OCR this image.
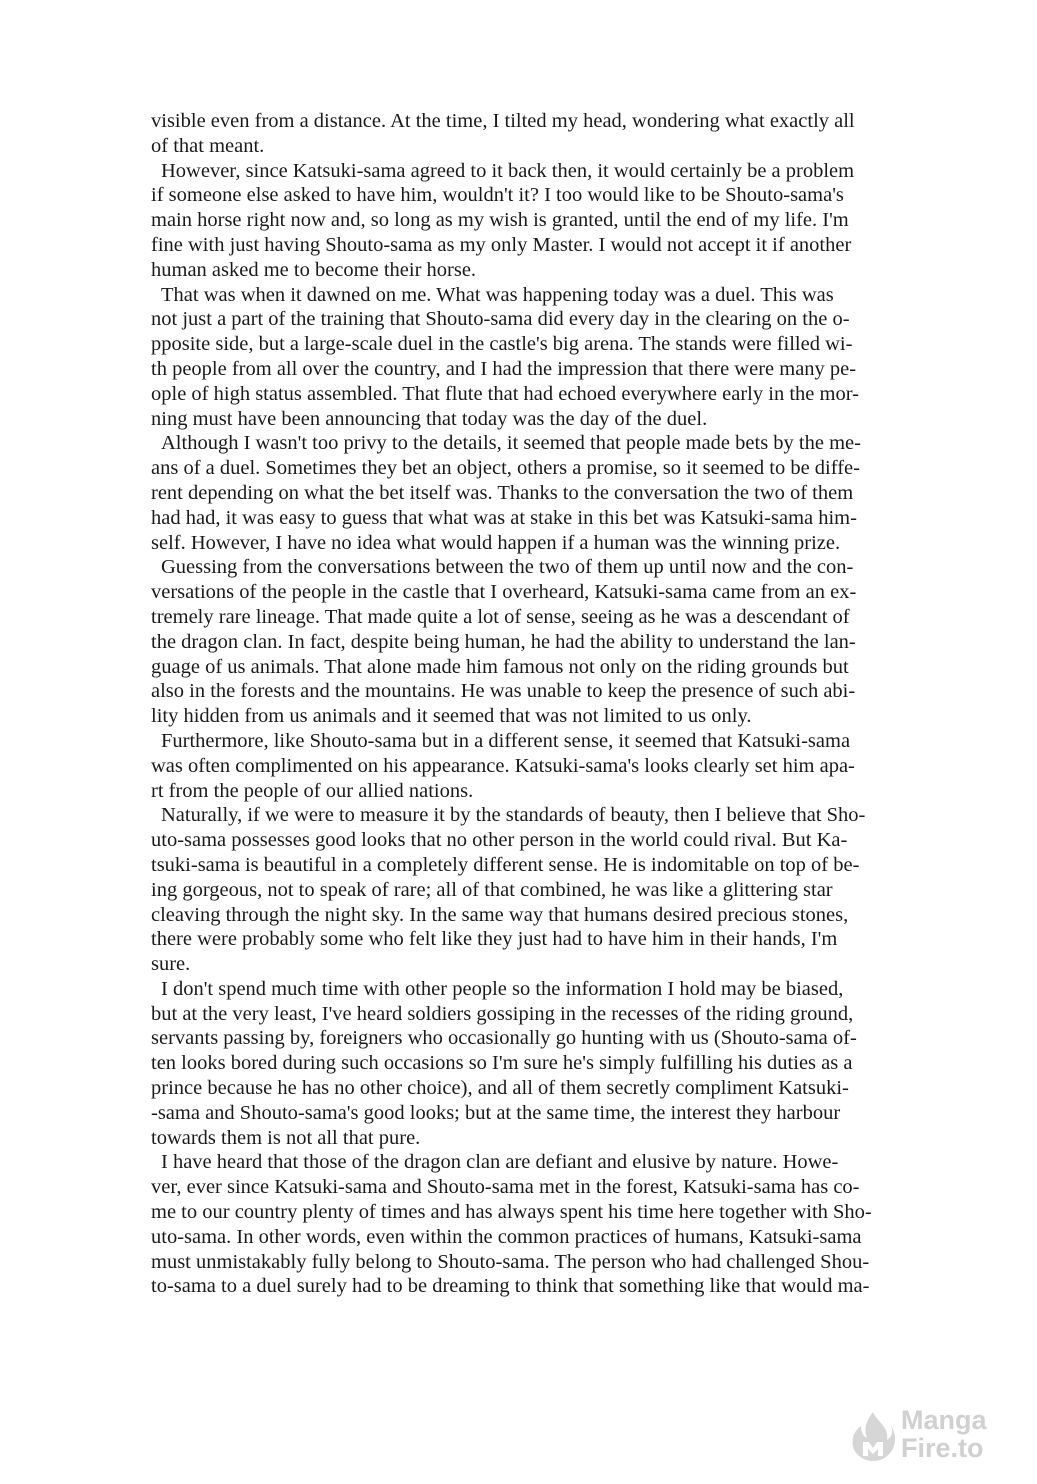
visible even from a distance. At the time, I tilted my head, wondering what exactly all
of that meant.

However, since Katsuki-sama agreed to it back then, it would certainly be a problem
if someone else asked to have him, wouldn't it? I too would like to be Shouto-sama's
main horse right now and, so long as my wish is granted, until the end of my life. I'm
fine with just having Shouto-sama as my only Master. I would not accept it if another
human asked me to become their horse.

That was when it dawned on me. What was happening today was a duel. This was
not just a part of the training that Shouto-sama did every day in the clearing on the o-
pposite side, but a large-scale duel in the castle's big arena. The stands were filled wi-
th people from all over the country, and I had the impression that there were many pe-
ople of high status assembled. That flute that had echoed everywhere early in the mor-
ning must have been announcing that today was the day of the duel.

Although I wasn't too privy to the details, it seemed that people made bets by the me-
ans of a duel. Sometimes they bet an object, others a promise, so it seemed to be diffe-
rent depending on what the bet itself was. Thanks to the conversation the two of them
had had, it was easy to guess that what was at stake in this bet was Katsuki-sama him-
self. However, I have no idea what would happen if a human was the winning prize.

Guessing from the conversations between the two of them up until now and the con-
versations of the people in the castle that I overheard, Katsuki-sama came from an ex-
tremely rare lineage. That made quite a lot of sense, seeing as he was a descendant of
the dragon clan. In fact, despite being human, he had the ability to understand the lan-
guage of us animals. That alone made him famous not only on the riding grounds but
also in the forests and the mountains. He was unable to keep the presence of such abi-
lity hidden from us animals and it seemed that was not limited to us only.

Furthermore, like Shouto-sama but in a different sense, it seemed that Katsuki-sama
was often complimented on his appearance. Katsuki-sama's looks clearly set him apa-
rt from the people of our allied nations.

Naturally, if we were to measure it by the standards of beauty, then I believe that Sho-
uto-sama possesses good looks that no other person in the world could rival. But Ka-
tsuki-sama is beautiful in a completely different sense. He is indomitable on top of be-
ing gorgeous, not to speak of rare; all of that combined, he was like a glittering star
cleaving through the night sky. In the same way that humans desired precious stones,
there were probably some who felt like they just had to have him in their hands, I'm
sure.

I don't spend much time with other people so the information I hold may be biased,
but at the very least, I've heard soldiers gossiping in the recesses of the riding ground,
servants passing by, foreigners who occasionally go hunting with us (Shouto-sama of-
ten looks bored during such occasions so I'm sure he's simply fulfilling his duties as a
prince because he has no other choice), and all of them secretly compliment Katsuki-
-sama and Shouto-sama's good looks; but at the same time, the interest they harbour
towards them is not all that pure.

I have heard that those of the dragon clan are defiant and elusive by nature. Howe-
ver, ever since Katsuki-sama and Shouto-sama met in the forest, Katsuki-sama has co-
me to our country plenty of times and has always spent his time here together with Sho-
uto-sama. In other words, even within the common practices of humans, Katsuki-sama
must unmistakably fully belong to Shouto-sama. The person who had challenged Shou-
to-sama to a duel surely had to be dreaming to think that something like that would ma-

Manga
Fire.to
